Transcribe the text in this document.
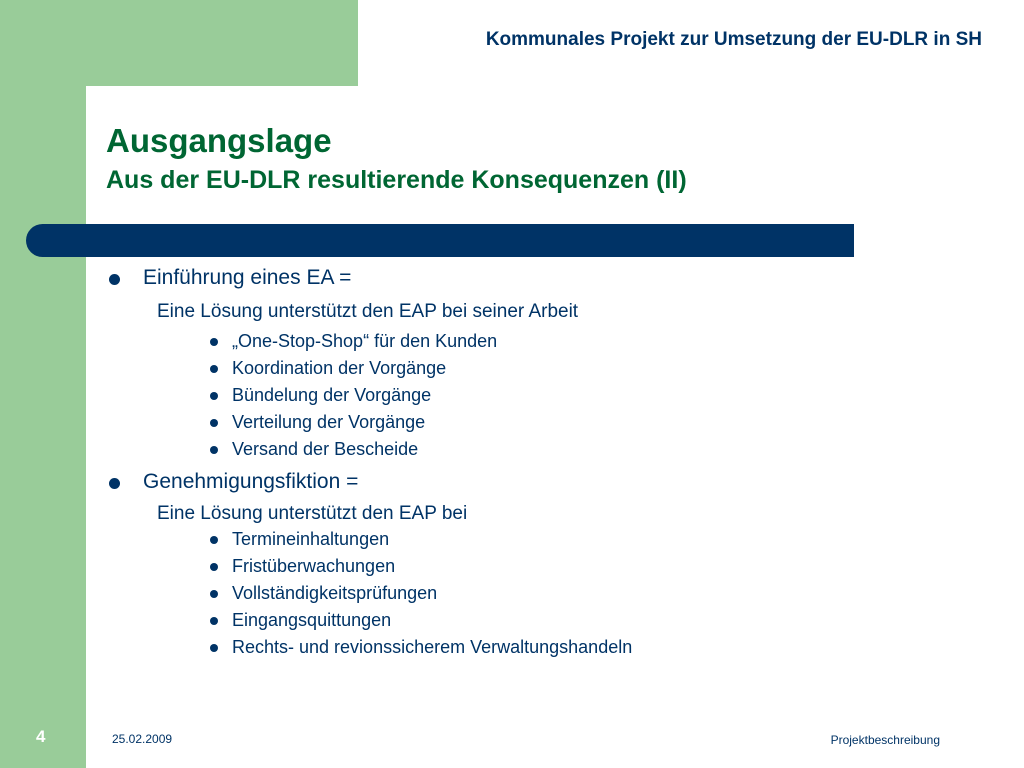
Kommunales Projekt zur Umsetzung der EU-DLR in SH
Ausgangslage
Aus der EU-DLR resultierende Konsequenzen (II)
Einführung eines EA =
Eine Lösung unterstützt den EAP bei seiner Arbeit
„One-Stop-Shop“ für den Kunden
Koordination der Vorgänge
Bündelung der Vorgänge
Verteilung der Vorgänge
Versand der Bescheide
Genehmigungsfiktion =
Eine Lösung unterstützt den EAP bei
Termineinhaltungen
Fristüberwachungen
Vollständigkeitsprüfungen
Eingangsquittungen
Rechts- und revionssicherem Verwaltungshandeln
4	25.02.2009	Projektbeschreibung
